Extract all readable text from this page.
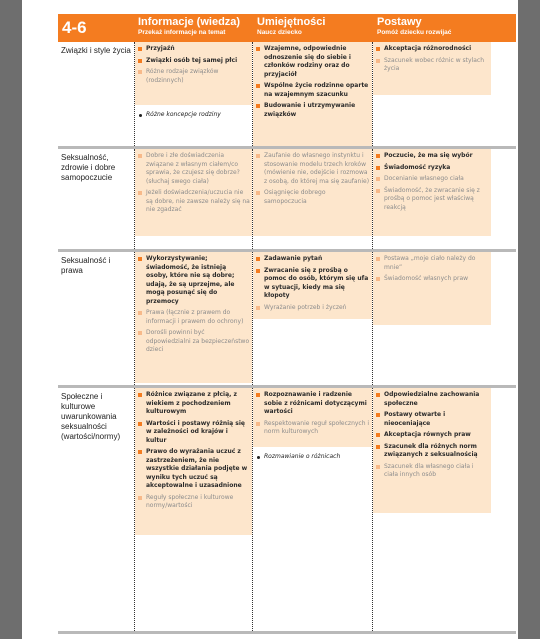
4-6	Informacje (wiedza)
Przekaż informacje na temat
Umiejętności
Naucz dziecko
Postawy
Pomóż dziecku rozwijać
Związki i style życia	Przyjaźń
Związki osób tej samej płci
Różne rodzaje związków (rodzinnych)
Różne koncepcje rodziny
Wzajemne, odpowiednie odnoszenie się do siebie i członków rodziny oraz do przyjaciół
Wspólne życie rodzinne oparte na wzajemnym szacunku
Budowanie i utrzymywanie związków
Akceptacja różnorodności
Szacunek wobec różnic w stylach życia
Seksualność, zdrowie i dobre samopoczucie
Dobre i złe doświadczenia związane z własnym ciałem/co sprawia, że czujesz się dobrze? (słuchaj swego ciała)
Jeżeli doświadczenia/uczucia nie są dobre, nie zawsze należy się na nie zgadzać
Zaufanie do własnego instynktu i stosowanie modelu trzech kroków (mówienie nie, odejście i rozmowa z osobą, do której ma się zaufanie)
Osiągnięcie dobrego samopoczucia
Poczucie, że ma się wybór
Świadomość ryzyka
Docenianie własnego ciała
Świadomość, że zwracanie się z prośbą o pomoc jest właściwą reakcją
Seksualność i prawa
Wykorzystywanie; świadomość, że istnieją osoby, które nie są dobre; udają, że są uprzejme, ale mogą posunąć się do przemocy
Prawa (łącznie z prawem do informacji i prawem do ochrony)
Dorośli powinni być odpowiedzialni za bezpieczeństwo dzieci
Zadawanie pytań
Zwracanie się z prośbą o pomoc do osób, którym się ufa w sytuacji, kiedy ma się kłopoty
Wyrażanie potrzeb i życzeń
Postawa „moje ciało należy do mnie”
Świadomość własnych praw
Społeczne i kulturowe uwarunkowania seksualności (wartości/normy)
Różnice związane z płcią, z wiekiem z pochodzeniem kulturowym
Wartości i postawy różnią się w zależności od krajów i kultur
Prawo do wyrażania uczuć z zastrzeżeniem, że nie wszystkie działania podjęte w wyniku tych uczuć są akceptowalne i uzasadnione
Reguły społeczne i kulturowe normy/wartości
Rozpoznawanie i radzenie sobie z różnicami dotyczącymi wartości
Respektowanie reguł społecznych i norm kulturowych
Rozmawianie o różnicach
Odpowiedzialne zachowania społeczne
Postawy otwarte i nieoceniające
Akceptacja równych praw
Szacunek dla różnych norm związanych z seksualnością
Szacunek dla własnego ciała i ciała innych osób
